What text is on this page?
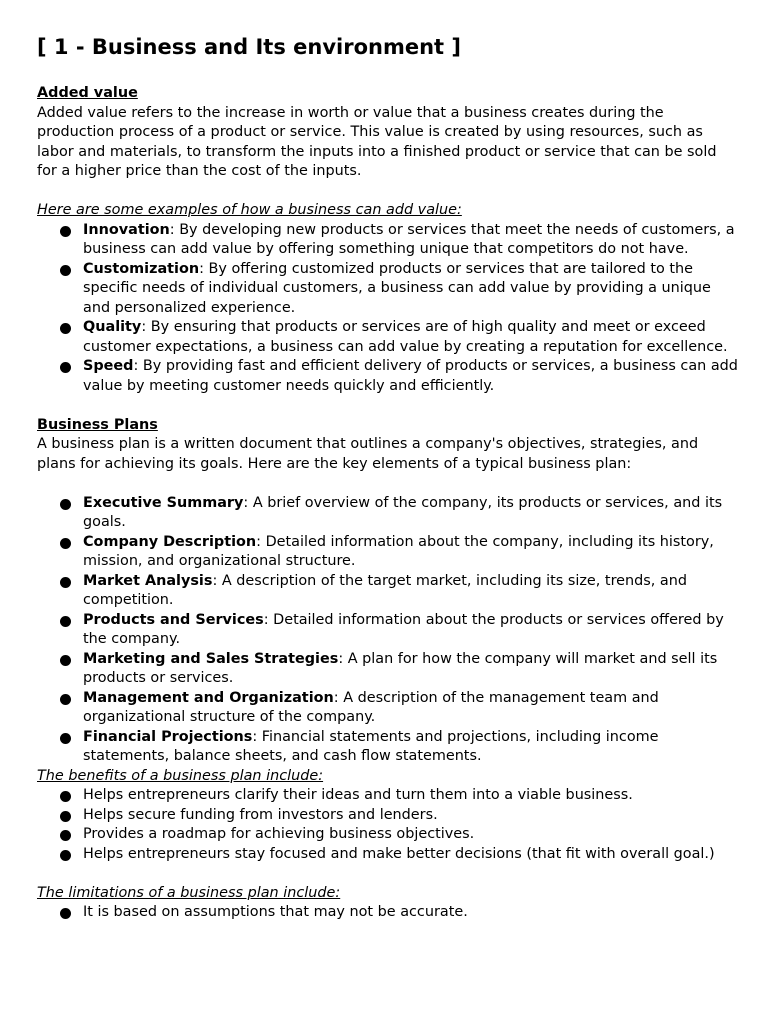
[ 1 - Business and Its environment ]

Added value

Added value refers to the increase in worth or value that a business creates during the production process of a product or service. This value is created by using resources, such as labor and materials, to transform the inputs into a finished product or service that can be sold for a higher price than the cost of the inputs.

Here are some examples of how a business can add value:

Innovation: By developing new products or services that meet the needs of customers, a business can add value by offering something unique that competitors do not have.
Customization: By offering customized products or services that are tailored to the specific needs of individual customers, a business can add value by providing a unique and personalized experience.
Quality: By ensuring that products or services are of high quality and meet or exceed customer expectations, a business can add value by creating a reputation for excellence.
Speed: By providing fast and efficient delivery of products or services, a business can add value by meeting customer needs quickly and efficiently.

Business Plans

A business plan is a written document that outlines a company's objectives, strategies, and plans for achieving its goals. Here are the key elements of a typical business plan:

Executive Summary: A brief overview of the company, its products or services, and its goals.
Company Description: Detailed information about the company, including its history, mission, and organizational structure.
Market Analysis: A description of the target market, including its size, trends, and competition.
Products and Services: Detailed information about the products or services offered by the company.
Marketing and Sales Strategies: A plan for how the company will market and sell its products or services.
Management and Organization: A description of the management team and organizational structure of the company.
Financial Projections: Financial statements and projections, including income statements, balance sheets, and cash flow statements.

The benefits of a business plan include:

Helps entrepreneurs clarify their ideas and turn them into a viable business.
Helps secure funding from investors and lenders.
Provides a roadmap for achieving business objectives.
Helps entrepreneurs stay focused and make better decisions (that fit with overall goal.)

The limitations of a business plan include:

It is based on assumptions that may not be accurate.
